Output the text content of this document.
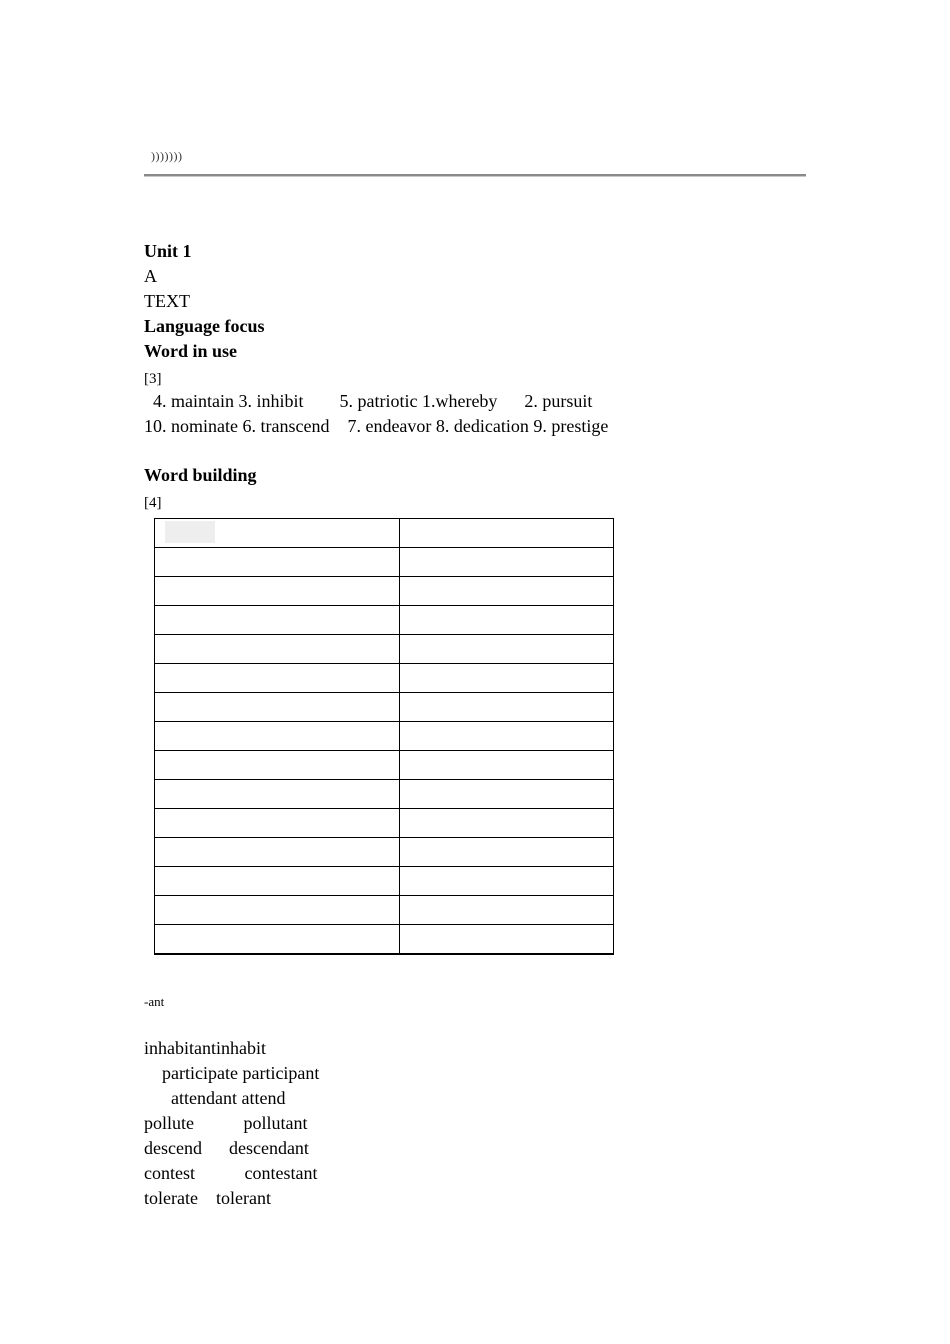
)))))))
Unit 1
A
TEXT
Language focus
Word in use
[3]
4. maintain 3. inhibit        5. patriotic 1.whereby      2. pursuit
10. nominate 6. transcend    7. endeavor 8. dedication 9. prestige
Word building
[4]

-ant
inhabitantinhabit
participate participant
attendant attend
pollute           pollutant
descend      descendant
contest           contestant
tolerate    tolerant
